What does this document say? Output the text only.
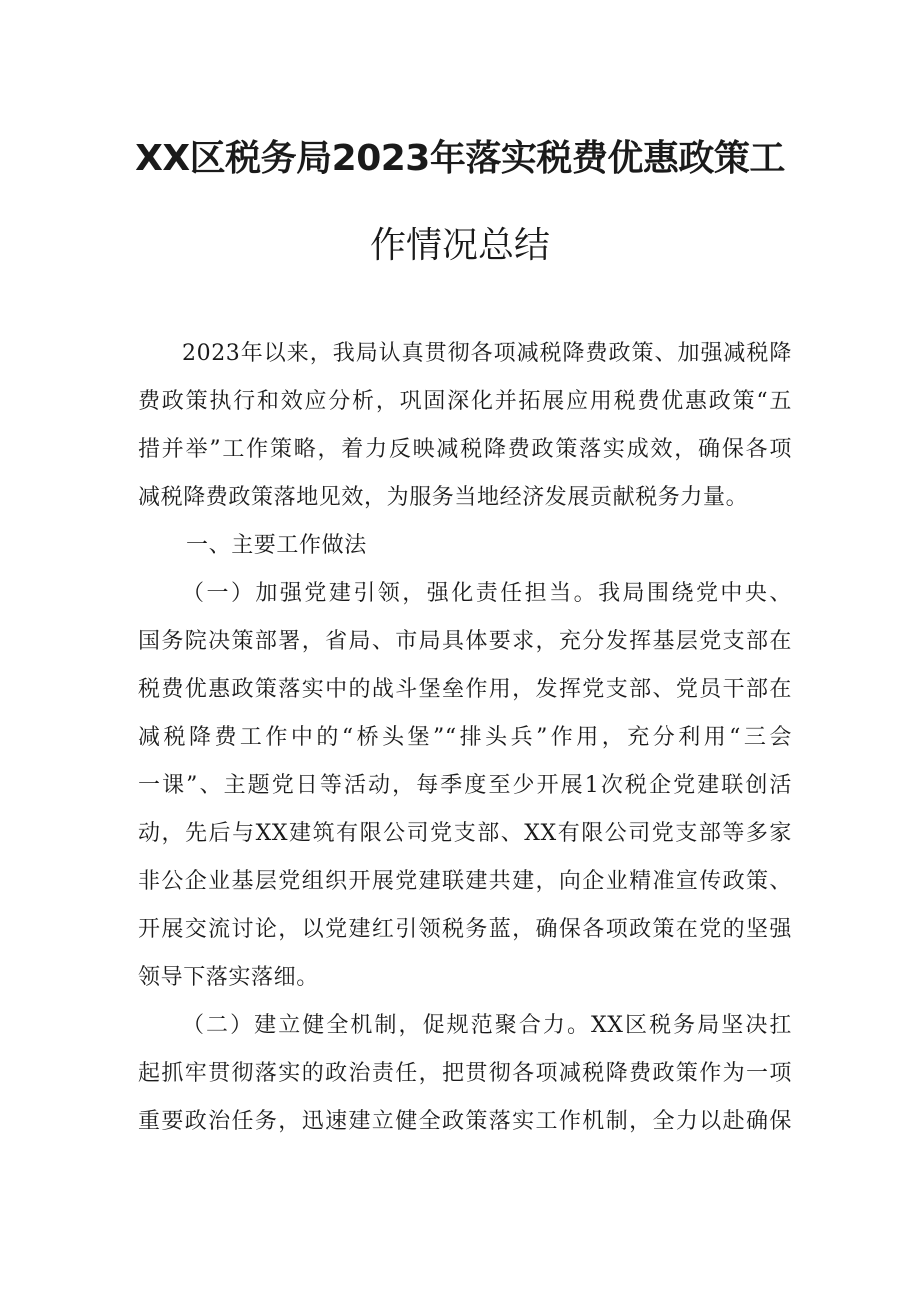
XX区税务局2023年落实税费优惠政策工
作情况总结
2023年以来，我局认真贯彻各项减税降费政策、加强减税降
费政策执行和效应分析，巩固深化并拓展应用税费优惠政策“五
措并举”工作策略，着力反映减税降费政策落实成效，确保各项
减税降费政策落地见效，为服务当地经济发展贡献税务力量。
一、主要工作做法
（一）加强党建引领，强化责任担当。我局围绕党中央、
国务院决策部署，省局、市局具体要求，充分发挥基层党支部在
税费优惠政策落实中的战斗堡垒作用，发挥党支部、党员干部在
减税降费工作中的“桥头堡”“排头兵”作用，充分利用“三会
一课”、主题党日等活动，每季度至少开展1次税企党建联创活
动，先后与XX建筑有限公司党支部、XX有限公司党支部等多家
非公企业基层党组织开展党建联建共建，向企业精准宣传政策、
开展交流讨论，以党建红引领税务蓝，确保各项政策在党的坚强
领导下落实落细。
（二）建立健全机制，促规范聚合力。XX区税务局坚决扛
起抓牢贯彻落实的政治责任，把贯彻各项减税降费政策作为一项
重要政治任务，迅速建立健全政策落实工作机制，全力以赴确保
